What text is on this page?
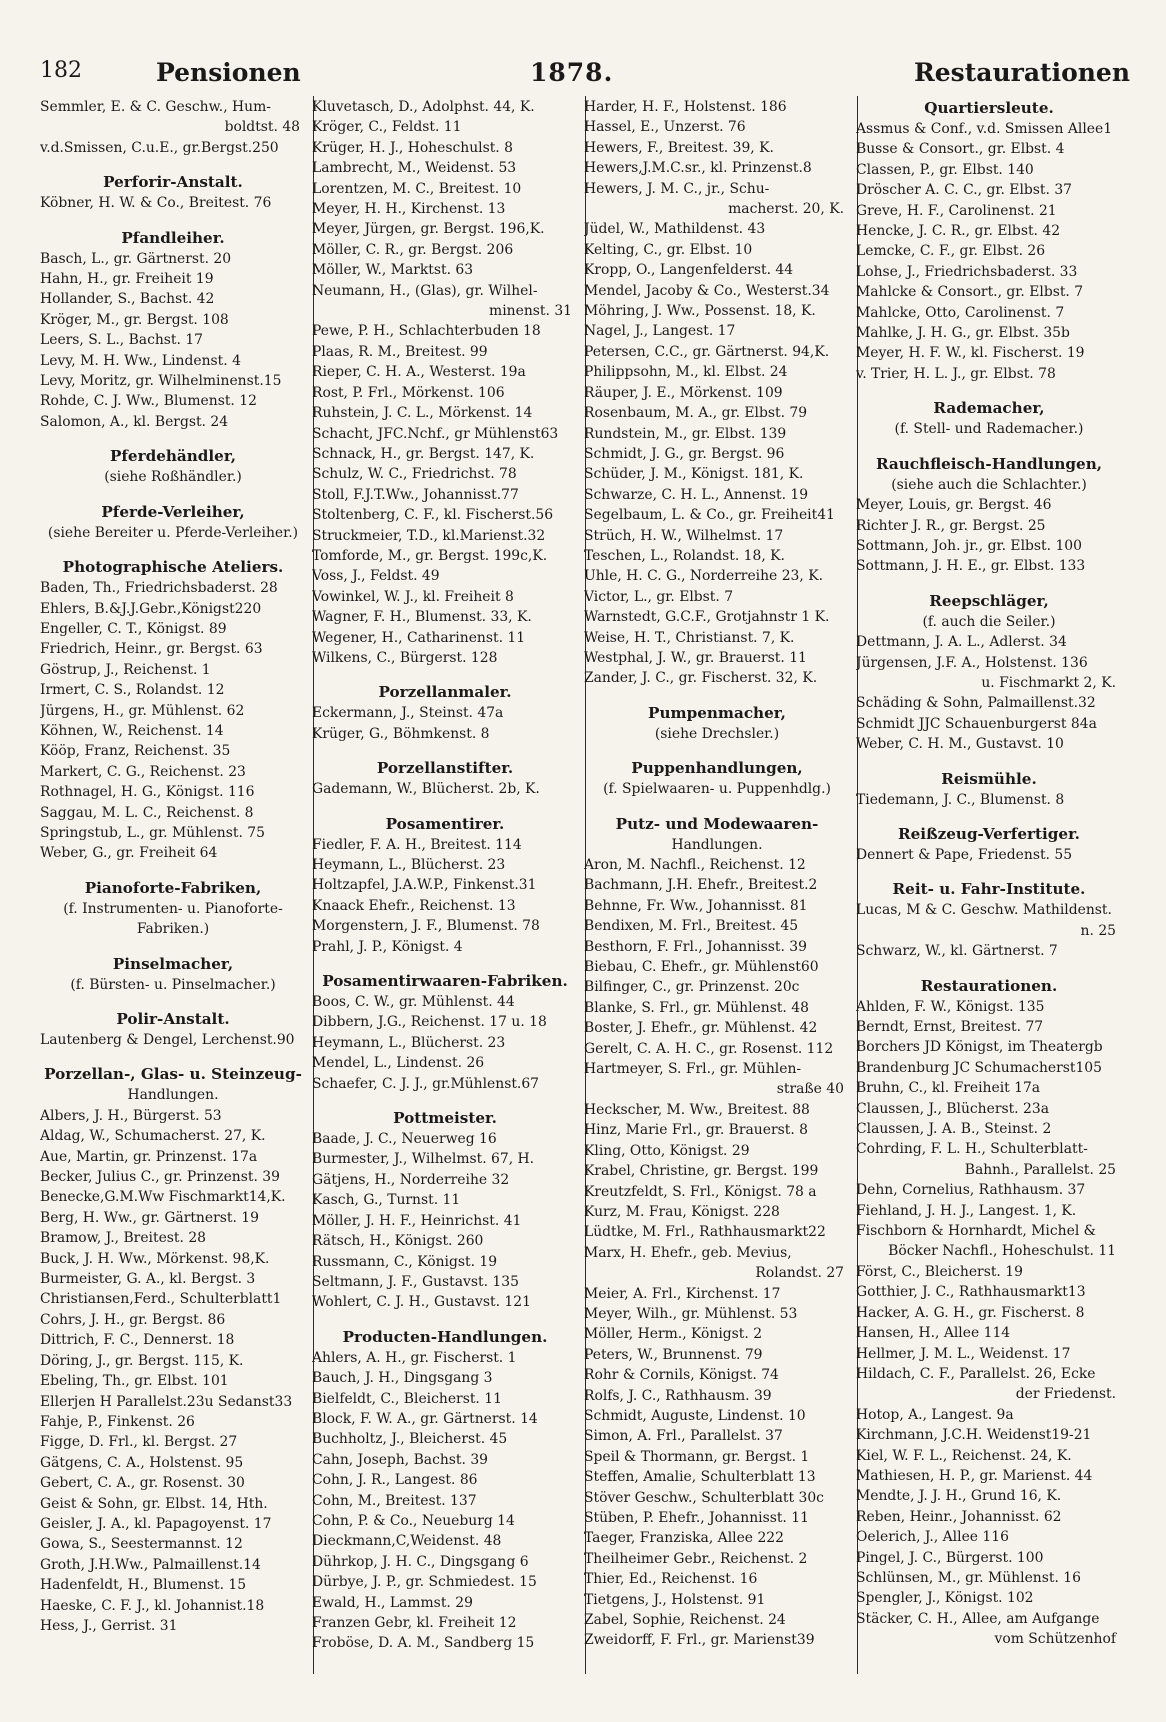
182	Pensionen	1878.	Restaurationen
Semmler, E. & C. Geschw., Hum-
boldtst. 48
v.d.Smissen, C.u.E., gr.Bergst.250
Perforir-Anstalt.
Köbner, H. W. & Co., Breitest. 76
Pfandleiher.
Basch, L., gr. Gärtnerst. 20
Hahn, H., gr. Freiheit 19
Hollander, S., Bachst. 42
Kröger, M., gr. Bergst. 108
Leers, S. L., Bachst. 17
Levy, M. H. Ww., Lindenst. 4
Levy, Moritz, gr. Wilhelminenst.15
Rohde, C. J. Ww., Blumenst. 12
Salomon, A., kl. Bergst. 24
Pferdehändler,
(siehe Roßhändler.)
Pferde-Verleiher,
(siehe Bereiter u. Pferde-Verleiher.)
Photographische Ateliers.
Baden, Th., Friedrichsbaderst. 28
Ehlers, B.&J.J.Gebr.,Königst220
Engeller, C. T., Königst. 89
Friedrich, Heinr., gr. Bergst. 63
Göstrup, J., Reichenst. 1
Irmert, C. S., Rolandst. 12
Jürgens, H., gr. Mühlenst. 62
Köhnen, W., Reichenst. 14
Kööp, Franz, Reichenst. 35
Markert, C. G., Reichenst. 23
Rothnagel, H. G., Königst. 116
Saggau, M. L. C., Reichenst. 8
Springstub, L., gr. Mühlenst. 75
Weber, G., gr. Freiheit 64
Pianoforte-Fabriken,
(f. Instrumenten- u. Pianoforte-
Fabriken.)
Pinselmacher,
(f. Bürsten- u. Pinselmacher.)
Polir-Anstalt.
Lautenberg & Dengel, Lerchenst.90
Porzellan-, Glas- u. Steinzeug-
Handlungen.
Albers, J. H., Bürgerst. 53
Aldag, W., Schumacherst. 27, K.
Aue, Martin, gr. Prinzenst. 17a
Becker, Julius C., gr. Prinzenst. 39
Benecke,G.M.Ww Fischmarkt14,K.
Berg, H. Ww., gr. Gärtnerst. 19
Bramow, J., Breitest. 28
Buck, J. H. Ww., Mörkenst. 98,K.
Burmeister, G. A., kl. Bergst. 3
Christiansen,Ferd., Schulterblatt1
Cohrs, J. H., gr. Bergst. 86
Dittrich, F. C., Dennerst. 18
Döring, J., gr. Bergst. 115, K.
Ebeling, Th., gr. Elbst. 101
Ellerjen H Parallelst.23u Sedanst33
Fahje, P., Finkenst. 26
Figge, D. Frl., kl. Bergst. 27
Gätgens, C. A., Holstenst. 95
Gebert, C. A., gr. Rosenst. 30
Geist & Sohn, gr. Elbst. 14, Hth.
Geisler, J. A., kl. Papagoyenst. 17
Gowa, S., Seestermannst. 12
Groth, J.H.Ww., Palmaillenst.14
Hadenfeldt, H., Blumenst. 15
Haeske, C. F. J., kl. Johannist.18
Hess, J., Gerrist. 31
Kluvetasch, D., Adolphst. 44, K.
Kröger, C., Feldst. 11
Krüger, H. J., Hoheschulst. 8
Lambrecht, M., Weidenst. 53
Lorentzen, M. C., Breitest. 10
Meyer, H. H., Kirchenst. 13
Meyer, Jürgen, gr. Bergst. 196,K.
Möller, C. R., gr. Bergst. 206
Möller, W., Marktst. 63
Neumann, H., (Glas), gr. Wilhel-
minenst. 31
Pewe, P. H., Schlachterbuden 18
Plaas, R. M., Breitest. 99
Rieper, C. H. A., Westerst. 19a
Rost, P. Frl., Mörkenst. 106
Ruhstein, J. C. L., Mörkenst. 14
Schacht, JFC.Nchf., gr Mühlenst63
Schnack, H., gr. Bergst. 147, K.
Schulz, W. C., Friedrichst. 78
Stoll, F.J.T.Ww., Johannisst.77
Stoltenberg, C. F., kl. Fischerst.56
Struckmeier, T.D., kl.Marienst.32
Tomforde, M., gr. Bergst. 199c,K.
Voss, J., Feldst. 49
Vowinkel, W. J., kl. Freiheit 8
Wagner, F. H., Blumenst. 33, K.
Wegener, H., Catharinenst. 11
Wilkens, C., Bürgerst. 128
Porzellanmaler.
Eckermann, J., Steinst. 47a
Krüger, G., Böhmkenst. 8
Porzellanstifter.
Gademann, W., Blücherst. 2b, K.
Posamentirer.
Fiedler, F. A. H., Breitest. 114
Heymann, L., Blücherst. 23
Holtzapfel, J.A.W.P., Finkenst.31
Knaack Ehefr., Reichenst. 13
Morgenstern, J. F., Blumenst. 78
Prahl, J. P., Königst. 4
Posamentirwaaren-Fabriken.
Boos, C. W., gr. Mühlenst. 44
Dibbern, J.G., Reichenst. 17 u. 18
Heymann, L., Blücherst. 23
Mendel, L., Lindenst. 26
Schaefer, C. J. J., gr.Mühlenst.67
Pottmeister.
Baade, J. C., Neuerweg 16
Burmester, J., Wilhelmst. 67, H.
Gätjens, H., Norderreihe 32
Kasch, G., Turnst. 11
Möller, J. H. F., Heinrichst. 41
Rätsch, H., Königst. 260
Russmann, C., Königst. 19
Seltmann, J. F., Gustavst. 135
Wohlert, C. J. H., Gustavst. 121
Producten-Handlungen.
Ahlers, A. H., gr. Fischerst. 1
Bauch, J. H., Dingsgang 3
Bielfeldt, C., Bleicherst. 11
Block, F. W. A., gr. Gärtnerst. 14
Buchholtz, J., Bleicherst. 45
Cahn, Joseph, Bachst. 39
Cohn, J. R., Langest. 86
Cohn, M., Breitest. 137
Cohn, P. & Co., Neueburg 14
Dieckmann,C,Weidenst. 48
Dührkop, J. H. C., Dingsgang 6
Dürbye, J. P., gr. Schmiedest. 15
Ewald, H., Lammst. 29
Franzen Gebr, kl. Freiheit 12
Froböse, D. A. M., Sandberg 15
Harder, H. F., Holstenst. 186
Hassel, E., Unzerst. 76
Hewers, F., Breitest. 39, K.
Hewers,J.M.C.sr., kl. Prinzenst.8
Hewers, J. M. C., jr., Schu-
macherst. 20, K.
Jüdel, W., Mathildenst. 43
Kelting, C., gr. Elbst. 10
Kropp, O., Langenfelderst. 44
Mendel, Jacoby & Co., Westerst.34
Möhring, J. Ww., Possenst. 18, K.
Nagel, J., Langest. 17
Petersen, C.C., gr. Gärtnerst. 94,K.
Philippsohn, M., kl. Elbst. 24
Räuper, J. E., Mörkenst. 109
Rosenbaum, M. A., gr. Elbst. 79
Rundstein, M., gr. Elbst. 139
Schmidt, J. G., gr. Bergst. 96
Schüder, J. M., Königst. 181, K.
Schwarze, C. H. L., Annenst. 19
Segelbaum, L. & Co., gr. Freiheit41
Strüch, H. W., Wilhelmst. 17
Teschen, L., Rolandst. 18, K.
Uhle, H. C. G., Norderreihe 23, K.
Victor, L., gr. Elbst. 7
Warnstedt, G.C.F., Grotjahnstr 1 K.
Weise, H. T., Christianst. 7, K.
Westphal, J. W., gr. Brauerst. 11
Zander, J. C., gr. Fischerst. 32, K.
Pumpenmacher,
(siehe Drechsler.)
Puppenhandlungen,
(f. Spielwaaren- u. Puppenhdlg.)
Putz- und Modewaaren-
Handlungen.
Aron, M. Nachfl., Reichenst. 12
Bachmann, J.H. Ehefr., Breitest.2
Behnne, Fr. Ww., Johannisst. 81
Bendixen, M. Frl., Breitest. 45
Besthorn, F. Frl., Johannisst. 39
Biebau, C. Ehefr., gr. Mühlenst60
Bilfinger, C., gr. Prinzenst. 20c
Blanke, S. Frl., gr. Mühlenst. 48
Boster, J. Ehefr., gr. Mühlenst. 42
Gerelt, C. A. H. C., gr. Rosenst. 112
Hartmeyer, S. Frl., gr. Mühlen-
straße 40
Heckscher, M. Ww., Breitest. 88
Hinz, Marie Frl., gr. Brauerst. 8
Kling, Otto, Königst. 29
Krabel, Christine, gr. Bergst. 199
Kreutzfeldt, S. Frl., Königst. 78 a
Kurz, M. Frau, Königst. 228
Lüdtke, M. Frl., Rathhausmarkt22
Marx, H. Ehefr., geb. Mevius,
Rolandst. 27
Meier, A. Frl., Kirchenst. 17
Meyer, Wilh., gr. Mühlenst. 53
Möller, Herm., Königst. 2
Peters, W., Brunnenst. 79
Rohr & Cornils, Königst. 74
Rolfs, J. C., Rathhausm. 39
Schmidt, Auguste, Lindenst. 10
Simon, A. Frl., Parallelst. 37
Speil & Thormann, gr. Bergst. 1
Steffen, Amalie, Schulterblatt 13
Stöver Geschw., Schulterblatt 30c
Stüben, P. Ehefr., Johannisst. 11
Taeger, Franziska, Allee 222
Theilheimer Gebr., Reichenst. 2
Thier, Ed., Reichenst. 16
Tietgens, J., Holstenst. 91
Zabel, Sophie, Reichenst. 24
Zweidorff, F. Frl., gr. Marienst39
Quartiersleute.
Assmus & Conf., v.d. Smissen Allee1
Busse & Consort., gr. Elbst. 4
Classen, P., gr. Elbst. 140
Dröscher A. C. C., gr. Elbst. 37
Greve, H. F., Carolinenst. 21
Hencke, J. C. R., gr. Elbst. 42
Lemcke, C. F., gr. Elbst. 26
Lohse, J., Friedrichsbaderst. 33
Mahlcke & Consort., gr. Elbst. 7
Mahlcke, Otto, Carolinenst. 7
Mahlke, J. H. G., gr. Elbst. 35b
Meyer, H. F. W., kl. Fischerst. 19
v. Trier, H. L. J., gr. Elbst. 78
Rademacher,
(f. Stell- und Rademacher.)
Rauchfleisch-Handlungen,
(siehe auch die Schlachter.)
Meyer, Louis, gr. Bergst. 46
Richter J. R., gr. Bergst. 25
Sottmann, Joh. jr., gr. Elbst. 100
Sottmann, J. H. E., gr. Elbst. 133
Reepschläger,
(f. auch die Seiler.)
Dettmann, J. A. L., Adlerst. 34
Jürgensen, J.F. A., Holstenst. 136
u. Fischmarkt 2, K.
Schäding & Sohn, Palmaillenst.32
Schmidt JJC Schauenburgerst 84a
Weber, C. H. M., Gustavst. 10
Reismühle.
Tiedemann, J. C., Blumenst. 8
Reißzeug-Verfertiger.
Dennert & Pape, Friedenst. 55
Reit- u. Fahr-Institute.
Lucas, M & C. Geschw. Mathildenst.
n. 25
Schwarz, W., kl. Gärtnerst. 7
Restaurationen.
Ahlden, F. W., Königst. 135
Berndt, Ernst, Breitest. 77
Borchers JD Königst, im Theatergb
Brandenburg JC Schumacherst105
Bruhn, C., kl. Freiheit 17a
Claussen, J., Blücherst. 23a
Claussen, J. A. B., Steinst. 2
Cohrding, F. L. H., Schulterblatt-
Bahnh., Parallelst. 25
Dehn, Cornelius, Rathhausm. 37
Fiehland, J. H. J., Langest. 1, K.
Fischborn & Hornhardt, Michel &
Böcker Nachfl., Hoheschulst. 11
Först, C., Bleicherst. 19
Gotthier, J. C., Rathhausmarkt13
Hacker, A. G. H., gr. Fischerst. 8
Hansen, H., Allee 114
Hellmer, J. M. L., Weidenst. 17
Hildach, C. F., Parallelst. 26, Ecke
der Friedenst.
Hotop, A., Langest. 9a
Kirchmann, J.C.H. Weidenst19-21
Kiel, W. F. L., Reichenst. 24, K.
Mathiesen, H. P., gr. Marienst. 44
Mendte, J. J. H., Grund 16, K.
Reben, Heinr., Johannisst. 62
Oelerich, J., Allee 116
Pingel, J. C., Bürgerst. 100
Schlünsen, M., gr. Mühlenst. 16
Spengler, J., Königst. 102
Stäcker, C. H., Allee, am Aufgange
vom Schützenhof
